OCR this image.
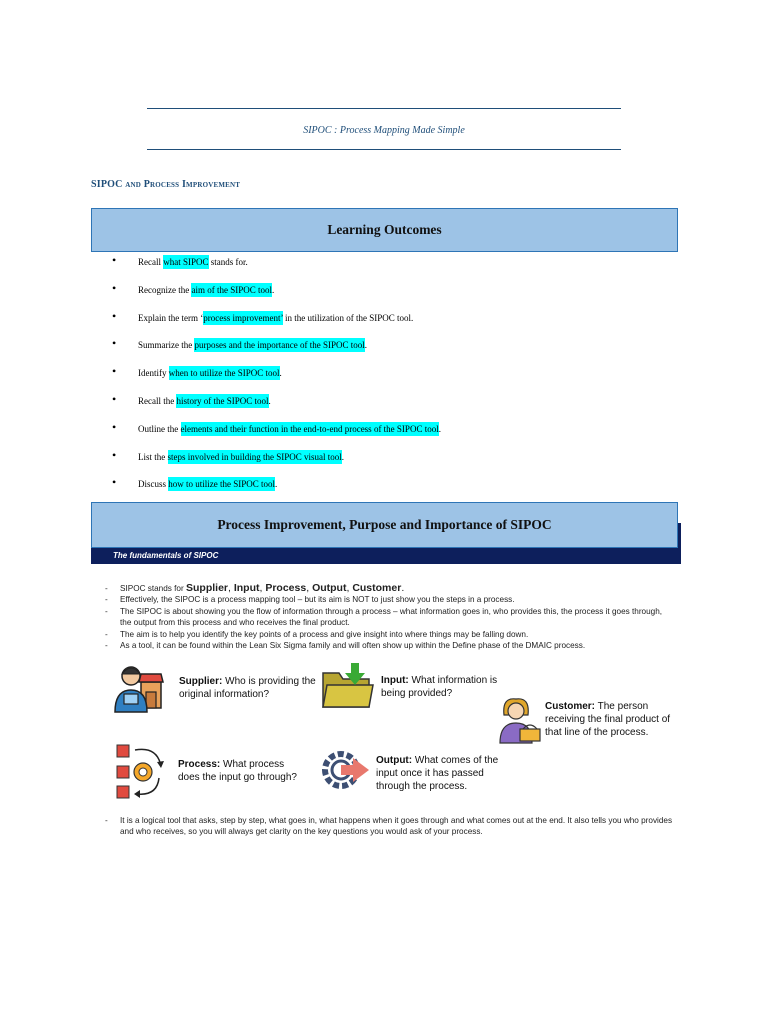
SIPOC : Process Mapping Made Simple
SIPOC and Process Improvement
Learning Outcomes
• Recall what SIPOC stands for.
• Recognize the aim of the SIPOC tool.
• Explain the term ‘process improvement’ in the utilization of the SIPOC tool.
• Summarize the purposes and the importance of the SIPOC tool.
• Identify when to utilize the SIPOC tool.
• Recall the history of the SIPOC tool.
• Outline the elements and their function in the end-to-end process of the SIPOC tool.
• List the steps involved in building the SIPOC visual tool.
• Discuss how to utilize the SIPOC tool.
The fundamentals of SIPOC
- SIPOC stands for Supplier, Input, Process, Output, Customer.
- Effectively, the SIPOC is a process mapping tool – but its aim is NOT to just show you the steps in a process.
- The SIPOC is about showing you the flow of information through a process – what information goes in, who provides this, the process it goes through, the output from this process and who receives the final product.
- The aim is to help you identify the key points of a process and give insight into where things may be falling down.
- As a tool, it can be found within the Lean Six Sigma family and will often show up within the Define phase of the DMAIC process.
Supplier: Who is providing the original information?
Input: What information is being provided?
Customer: The person receiving the final product of that line of the process.
Process: What process does the input go through?
Output: What comes of the input once it has passed through the process.
- It is a logical tool that asks, step by step, what goes in, what happens when it goes through and what comes out at the end. It also tells you who provides and who receives, so you will always get clarity on the key questions you would ask of your process.
Process Improvement, Purpose and Importance of SIPOC
